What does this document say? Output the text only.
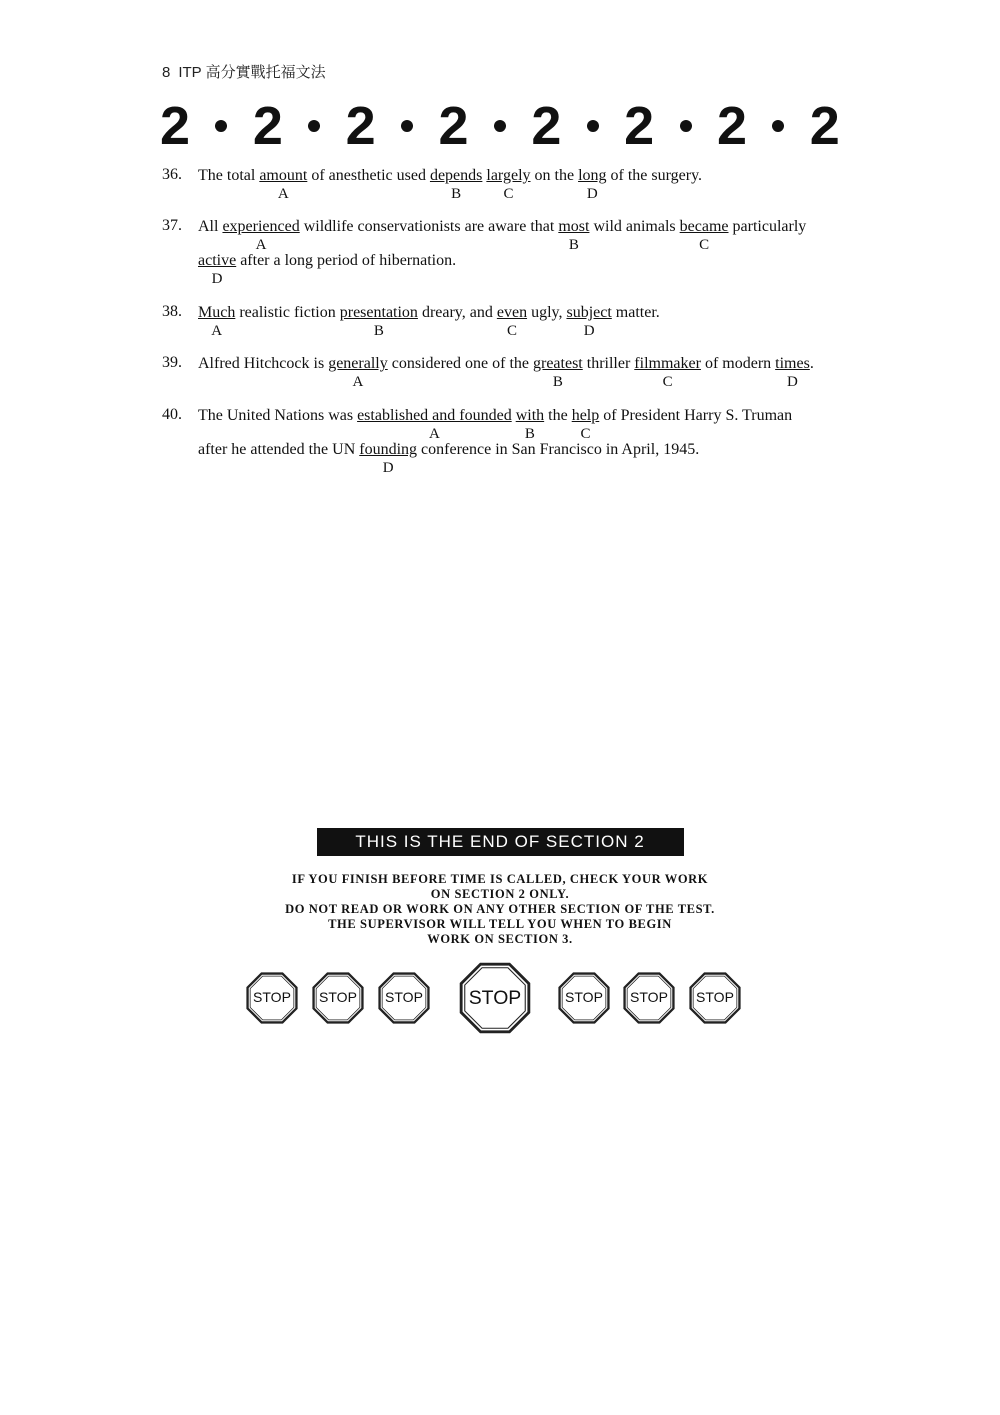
8 ITP 高分實戰托福文法
2 2 2 2 2 2 2 2
36.	The total amount
A
of anesthetic used depends
B
largely
C
on the long
D
of the surgery.
37.	All experienced
A
wildlife conservationists are aware that most
B
wild animals became
C
particularly
active
D
after a long period of hibernation.
38.	Much
A
realistic fiction presentation
B
dreary, and even
C
ugly, subject
D
matter.
39.	Alfred Hitchcock is generally
A
considered one of the greatest
B
thriller filmmaker
C
of modern times
D
.
40.	The United Nations was established and founded
A
with
B
the help
C
of President Harry S. Truman
after he attended the UN founding
D
conference in San Francisco in April, 1945.
THIS IS THE END OF SECTION 2
IF YOU FINISH BEFORE TIME IS CALLED, CHECK YOUR WORK
ON SECTION 2 ONLY.
DO NOT READ OR WORK ON ANY OTHER SECTION OF THE TEST.
THE SUPERVISOR WILL TELL YOU WHEN TO BEGIN
WORK ON SECTION 3.
STOP STOP STOP STOP STOP STOP STOP
